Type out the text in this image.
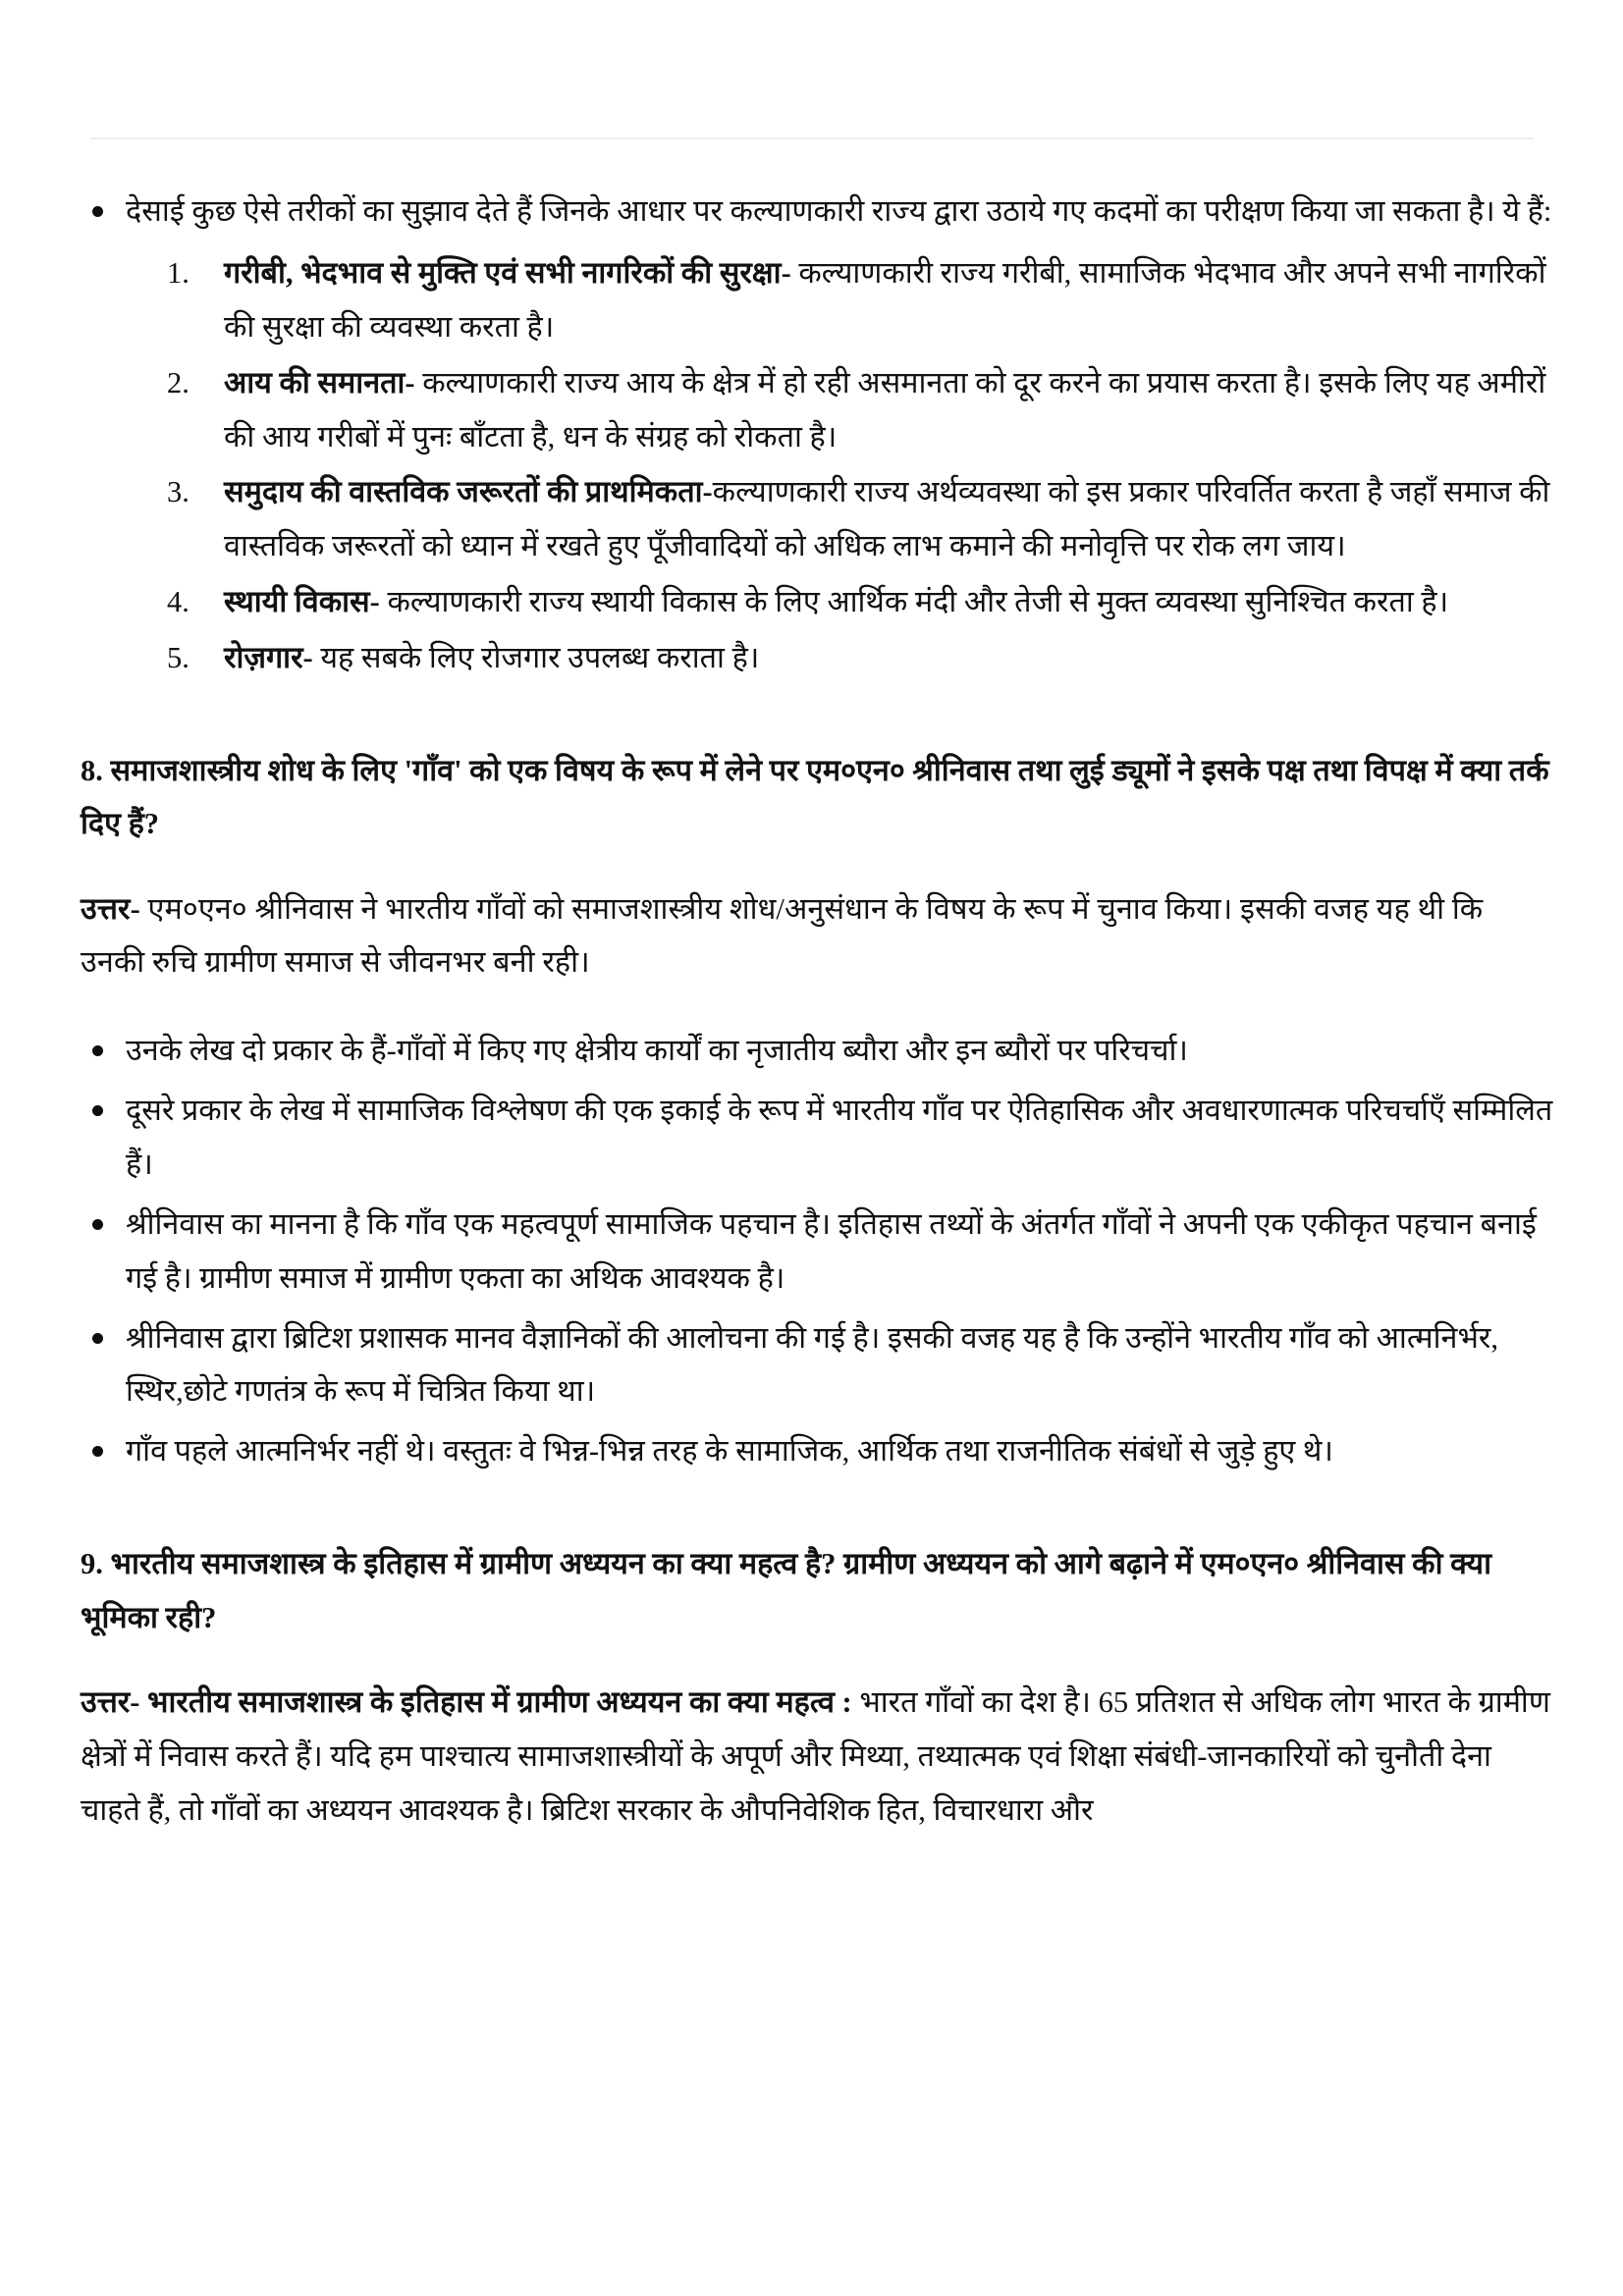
देसाई कुछ ऐसे तरीकों का सुझाव देते हैं जिनके आधार पर कल्याणकारी राज्य द्वारा उठाये गए कदमों का परीक्षण किया जा सकता है। ये हैं:
1.	गरीबी, भेदभाव से मुक्ति एवं सभी नागरिकों की सुरक्षा- कल्याणकारी राज्य गरीबी, सामाजिक भेदभाव और अपने सभी नागरिकों की सुरक्षा की व्यवस्था करता है।
2.	आय की समानता- कल्याणकारी राज्य आय के क्षेत्र में हो रही असमानता को दूर करने का प्रयास करता है। इसके लिए यह अमीरों की आय गरीबों में पुनः बाँटता है, धन के संग्रह को रोकता है।
3.	समुदाय की वास्तविक जरूरतों की प्राथमिकता-कल्याणकारी राज्य अर्थव्यवस्था को इस प्रकार परिवर्तित करता है जहाँ समाज की वास्तविक जरूरतों को ध्यान में रखते हुए पूँजीवादियों को अधिक लाभ कमाने की मनोवृत्ति पर रोक लग जाय।
4.	स्थायी विकास- कल्याणकारी राज्य स्थायी विकास के लिए आर्थिक मंदी और तेजी से मुक्त व्यवस्था सुनिश्चित करता है।
5.	रोज़गार- यह सबके लिए रोजगार उपलब्ध कराता है।
8. समाजशास्त्रीय शोध के लिए 'गाँव' को एक विषय के रूप में लेने पर एम०एन० श्रीनिवास तथा लुई ड्यूमों ने इसके पक्ष तथा विपक्ष में क्या तर्क दिए हैं?

उत्तर- एम०एन० श्रीनिवास ने भारतीय गाँवों को समाजशास्त्रीय शोध/अनुसंधान के विषय के रूप में चुनाव किया। इसकी वजह यह थी कि उनकी रुचि ग्रामीण समाज से जीवनभर बनी रही।

उनके लेख दो प्रकार के हैं-गाँवों में किए गए क्षेत्रीय कार्यों का नृजातीय ब्यौरा और इन ब्यौरों पर परिचर्चा।
दूसरे प्रकार के लेख में सामाजिक विश्लेषण की एक इकाई के रूप में भारतीय गाँव पर ऐतिहासिक और अवधारणात्मक परिचर्चाएँ सम्मिलित हैं।
श्रीनिवास का मानना है कि गाँव एक महत्वपूर्ण सामाजिक पहचान है। इतिहास तथ्यों के अंतर्गत गाँवों ने अपनी एक एकीकृत पहचान बनाई गई है। ग्रामीण समाज में ग्रामीण एकता का अथिक आवश्यक है।
श्रीनिवास द्वारा ब्रिटिश प्रशासक मानव वैज्ञानिकों की आलोचना की गई है। इसकी वजह यह है कि उन्होंने भारतीय गाँव को आत्मनिर्भर, स्थिर,छोटे गणतंत्र के रूप में चित्रित किया था।
गाँव पहले आत्मनिर्भर नहीं थे। वस्तुतः वे भिन्न-भिन्न तरह के सामाजिक, आर्थिक तथा राजनीतिक संबंधों से जुड़े हुए थे।
9. भारतीय समाजशास्त्र के इतिहास में ग्रामीण अध्ययन का क्या महत्व है? ग्रामीण अध्ययन को आगे बढ़ाने में एम०एन० श्रीनिवास की क्या भूमिका रही?

उत्तर- भारतीय समाजशास्त्र के इतिहास में ग्रामीण अध्ययन का क्या महत्व : भारत गाँवों का देश है। 65 प्रतिशत से अधिक लोग भारत के ग्रामीण क्षेत्रों में निवास करते हैं। यदि हम पाश्चात्य सामाजशास्त्रीयों के अपूर्ण और मिथ्या, तथ्यात्मक एवं शिक्षा संबंधी-जानकारियों को चुनौती देना चाहते हैं, तो गाँवों का अध्ययन आवश्यक है। ब्रिटिश सरकार के औपनिवेशिक हित, विचारधारा और
